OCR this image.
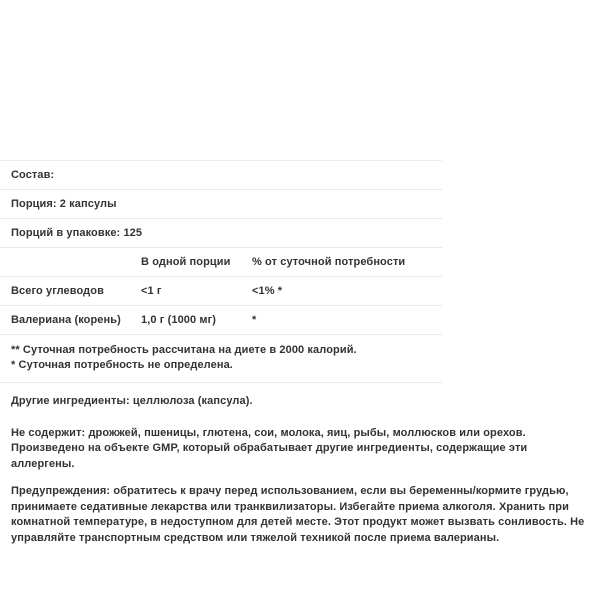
Состав:
Порция: 2 капсулы
Порций в упаковке: 125
	В одной порции	% от суточной потребности
Всего углеводов	<1 г	<1% *
Валериана (корень)	1,0 г (1000 мг)	*
** Суточная потребность рассчитана на диете в 2000 калорий.
* Суточная потребность не определена.
Другие ингредиенты: целлюлоза (капсула).
Не содержит: дрожжей, пшеницы, глютена, сои, молока, яиц, рыбы, моллюсков или орехов. Произведено на объекте GMP, который обрабатывает другие ингредиенты, содержащие эти аллергены.
Предупреждения: обратитесь к врачу перед использованием, если вы беременны/кормите грудью, принимаете седативные лекарства или транквилизаторы. Избегайте приема алкоголя. Хранить при комнатной температуре, в недоступном для детей месте. Этот продукт может вызвать сонливость. Не управляйте транспортным средством или тяжелой техникой после приема валерианы.
